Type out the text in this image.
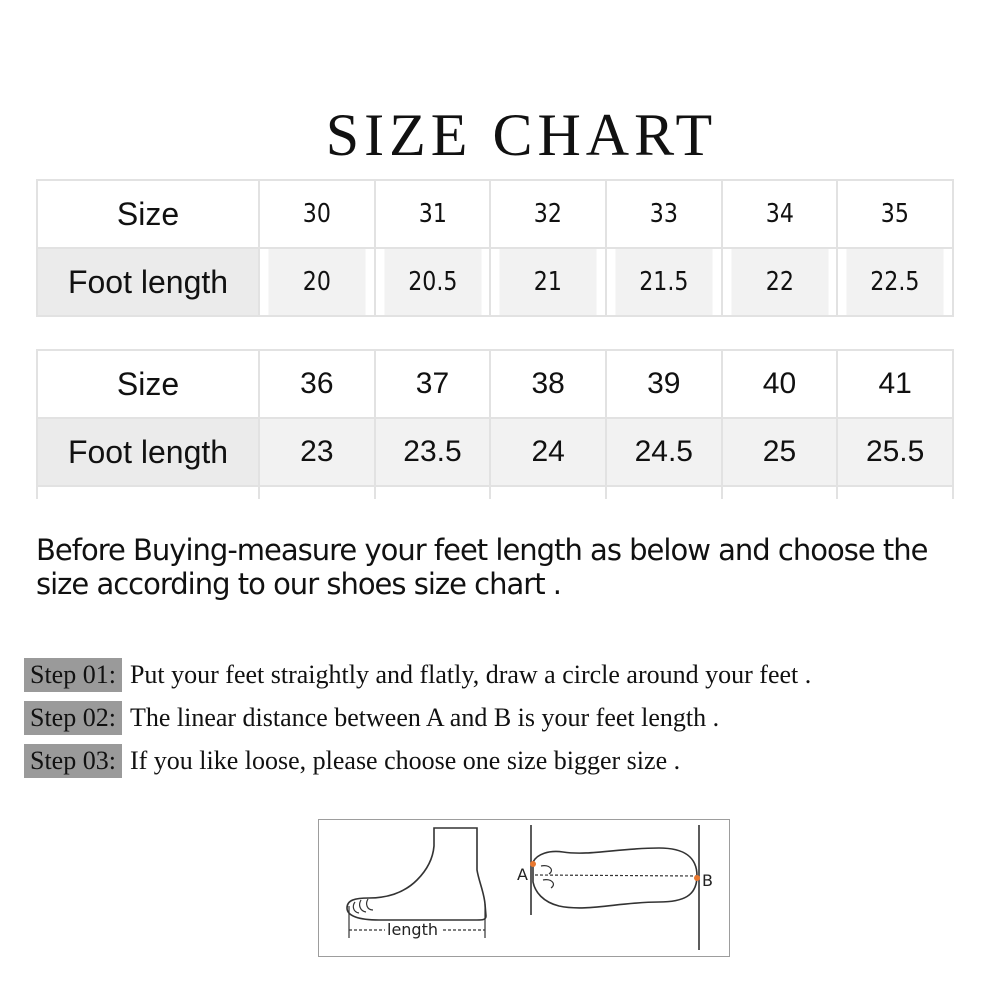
SIZE CHART
Size	30	31	32	33	34	35
Foot length	20	20.5	21	21.5	22	22.5
Size	36	37	38	39	40	41
Foot length	23	23.5	24	24.5	25	25.5
Before Buying-measure your feet length as below and choose the size according to our shoes size chart .
Step 01: Put your feet straightly and flatly, draw a circle around your feet .
Step 02: The linear distance between A and B is your feet length .
Step 03: If you like loose, please choose one size bigger size .
length
A	B
